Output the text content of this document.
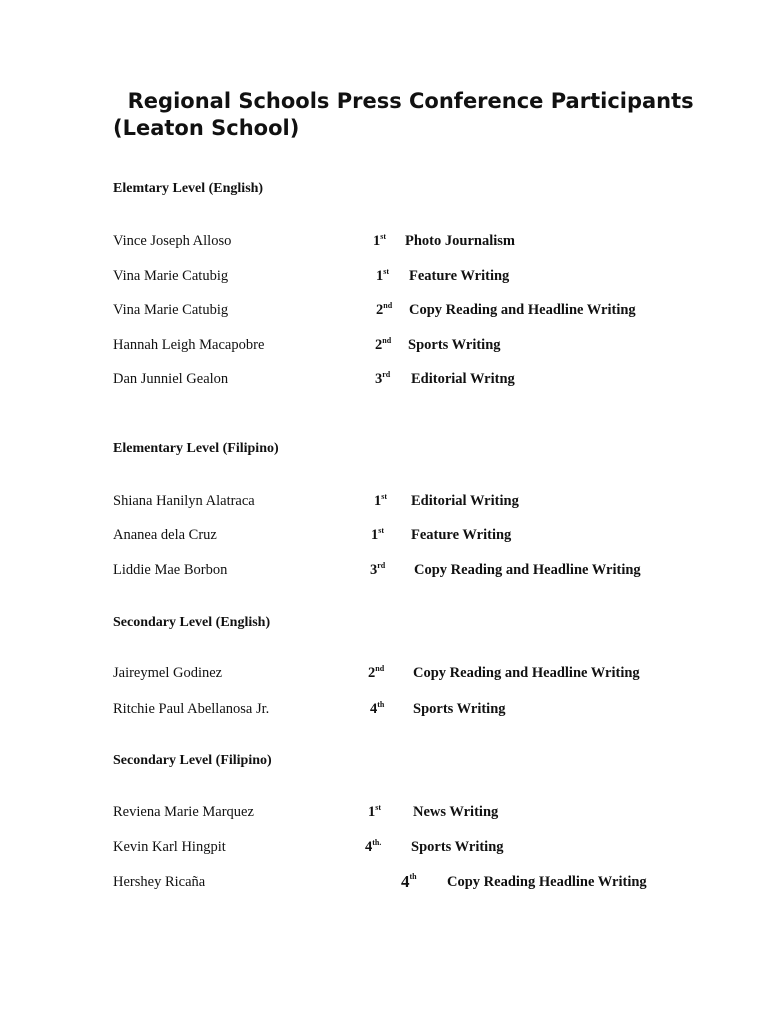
Regional Schools Press Conference Participants (Leaton School)
Elemtary Level (English)
Vince Joseph Alloso	1st Photo Journalism
Vina Marie Catubig	1st Feature Writing
Vina Marie Catubig	2nd Copy Reading and Headline Writing
Hannah Leigh Macapobre	2nd Sports Writing
Dan Junniel Gealon	3rd Editorial Writng
Elementary Level (Filipino)
Shiana Hanilyn Alatraca	1st Editorial Writing
Ananea dela Cruz	1st Feature Writing
Liddie Mae Borbon	3rd Copy Reading and Headline Writing
Secondary Level (English)
Jaireymel Godinez	2nd Copy Reading and Headline Writing
Ritchie Paul Abellanosa Jr.	4th Sports Writing
Secondary Level (Filipino)
Reviena Marie Marquez	1st News Writing
Kevin Karl Hingpit	$4^{th.}$ Sports Writing
Hershey Ricaña	4th Copy Reading Headline Writing
